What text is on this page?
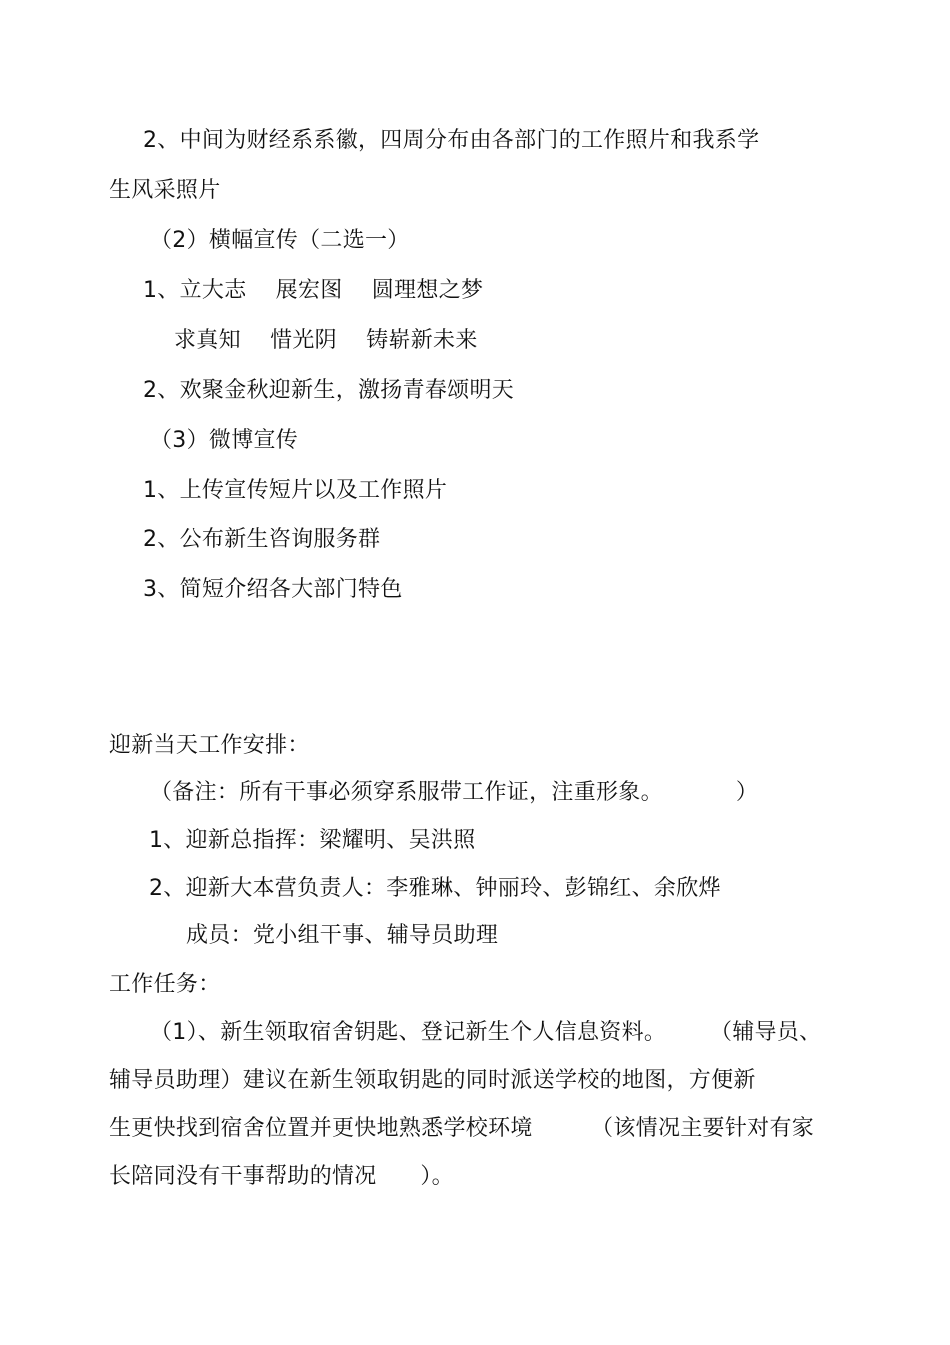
2、中间为财经系系徽，四周分布由各部门的工作照片和我系学
生风采照片
（2）横幅宣传（二选一）
1、立大志    展宏图    圆理想之梦
求真知    惜光阴    铸崭新未来
2、欢聚金秋迎新生，激扬青春颂明天
（3）微博宣传
1、上传宣传短片以及工作照片
2、公布新生咨询服务群
3、简短介绍各大部门特色
迎新当天工作安排：
（备注：所有干事必须穿系服带工作证，注重形象。          ）
1、迎新总指挥：梁耀明、吴洪照
2、迎新大本营负责人：李雅琳、钟丽玲、彭锦红、余欣烨
成员：党小组干事、辅导员助理
工作任务：
（1）、新生领取宿舍钥匙、登记新生个人信息资料。      （辅导员、
辅导员助理）建议在新生领取钥匙的同时派送学校的地图，方便新
生更快找到宿舍位置并更快地熟悉学校环境        （该情况主要针对有家
长陪同没有干事帮助的情况      ）。
